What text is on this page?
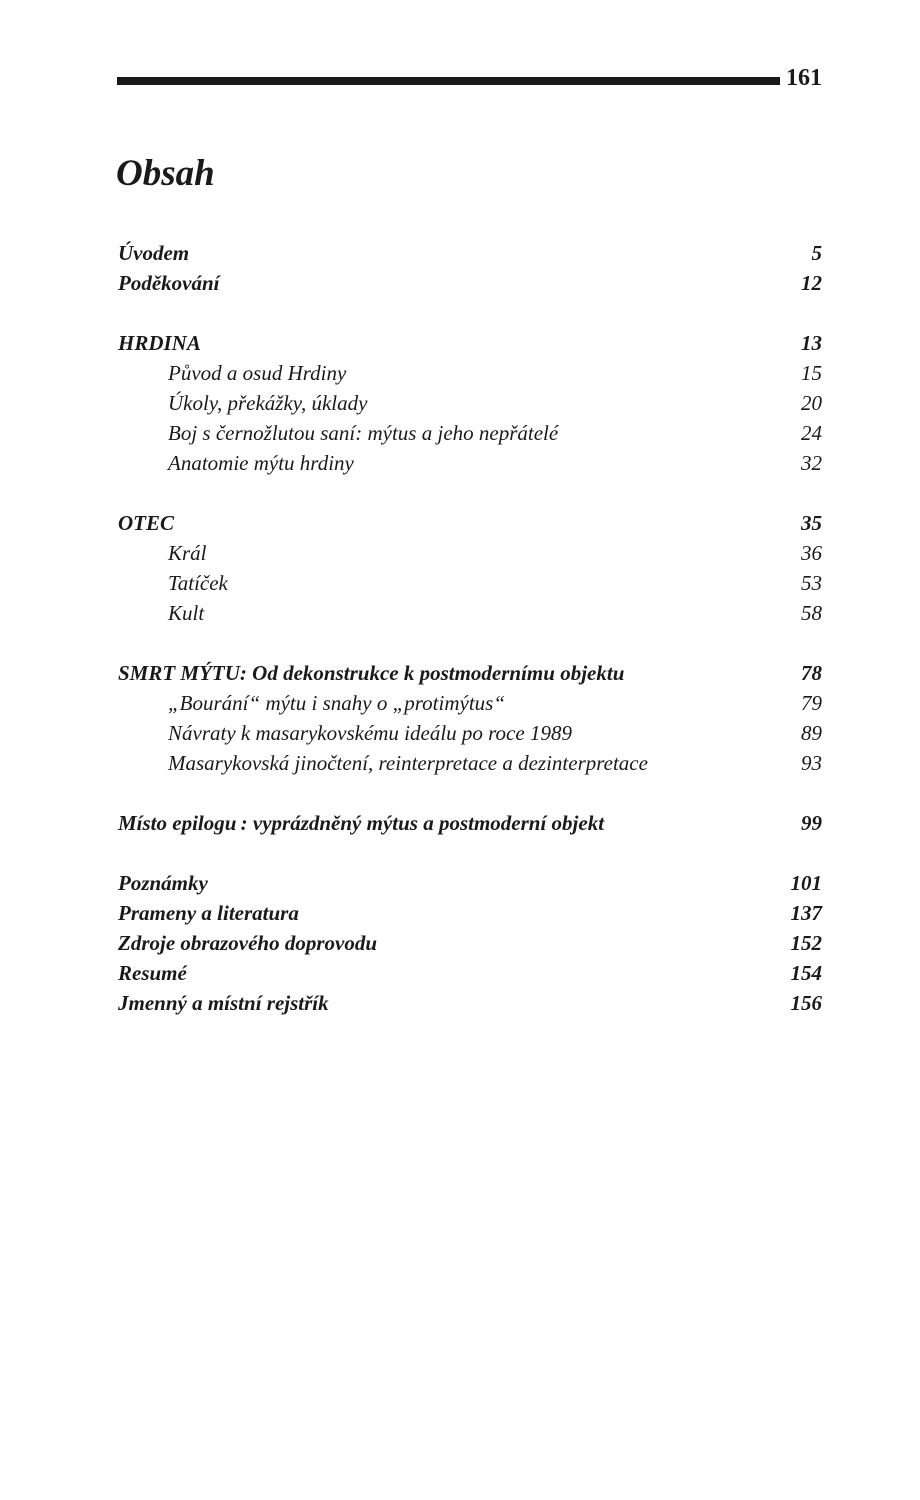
161
Obsah
Úvodem	5
Poděkování	12
HRDINA	13
Původ a osud Hrdiny	15
Úkoly, překážky, úklady	20
Boj s černožlutou saní: mýtus a jeho nepřátelé	24
Anatomie mýtu hrdiny	32
OTEC	35
Král	36
Tatíček	53
Kult	58
SMRT MÝTU: Od dekonstrukce k postmodernímu objektu	78
„Bourání“ mýtu i snahy o „protimýtus“	79
Návraty k masarykovskému ideálu po roce 1989	89
Masarykovská jinočtení, reinterpretace a dezinterpretace	93
Místo epilogu : vyprázdněný mýtus a postmoderní objekt	99
Poznámky	101
Prameny a literatura	137
Zdroje obrazového doprovodu	152
Resumé	154
Jmenný a místní rejstřík	156
